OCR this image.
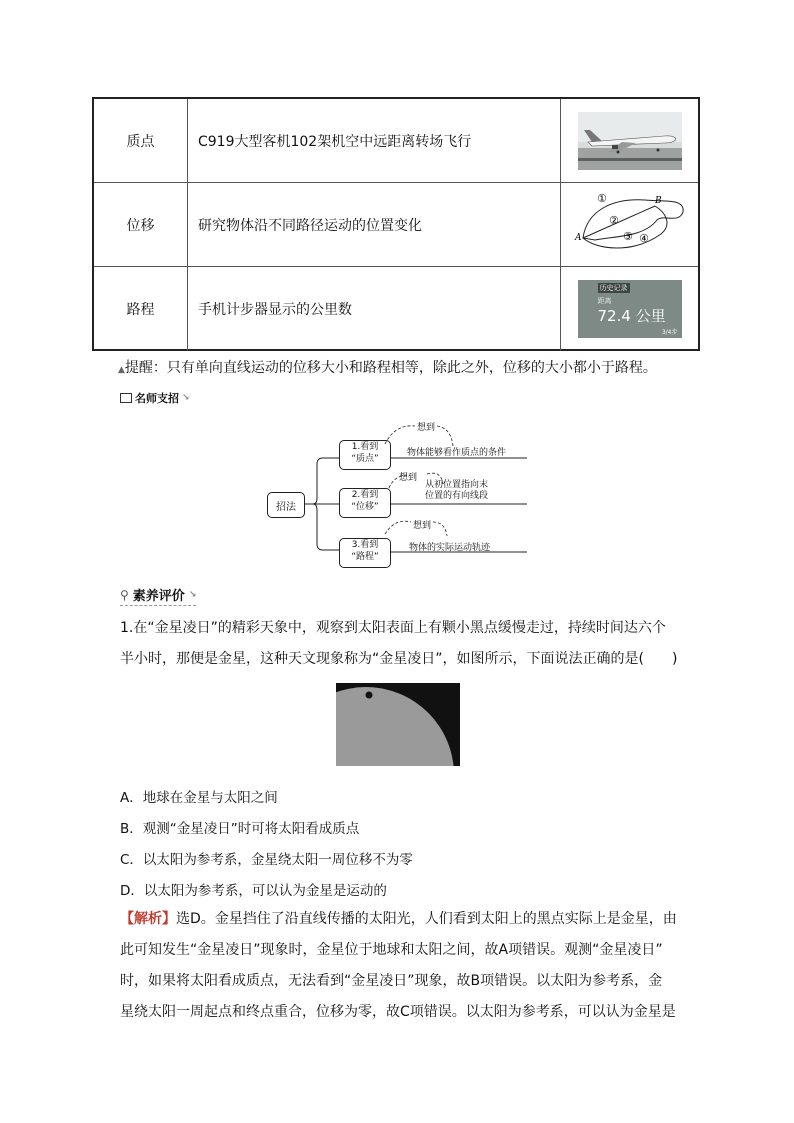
质点	C919大型客机102架机空中远距离转场飞行
位移	研究物体沿不同路径运动的位置变化
①
②
③ ④
A
B
路程	手机计步器显示的公里数
历史记录
距离
72.4 公里
3/4步
▲提醒：只有单向直线运动的位移大小和路程相等，除此之外，位移的大小都小于路程。
名师支招 ↘
招法
1.看到
“质点”
想到
物体能够看作质点的条件
2.看到
“位移”
想到
从初位置指向末
位置的有向线段
3.看到
“路程”
想到
物体的实际运动轨迹
⚲ 素养评价 ↘
1.在“金星凌日”的精彩天象中，观察到太阳表面上有颗小黑点缓慢走过，持续时间达六个
半小时，那便是金星，这种天文现象称为“金星凌日”，如图所示，下面说法正确的是(　　)
A．地球在金星与太阳之间
B．观测“金星凌日”时可将太阳看成质点
C．以太阳为参考系，金星绕太阳一周位移不为零
D．以太阳为参考系，可以认为金星是运动的
【解析】选D。金星挡住了沿直线传播的太阳光，人们看到太阳上的黑点实际上是金星，由
此可知发生“金星凌日”现象时，金星位于地球和太阳之间，故A项错误。观测“金星凌日”
时，如果将太阳看成质点，无法看到“金星凌日”现象，故B项错误。以太阳为参考系，金
星绕太阳一周起点和终点重合，位移为零，故C项错误。以太阳为参考系，可以认为金星是
